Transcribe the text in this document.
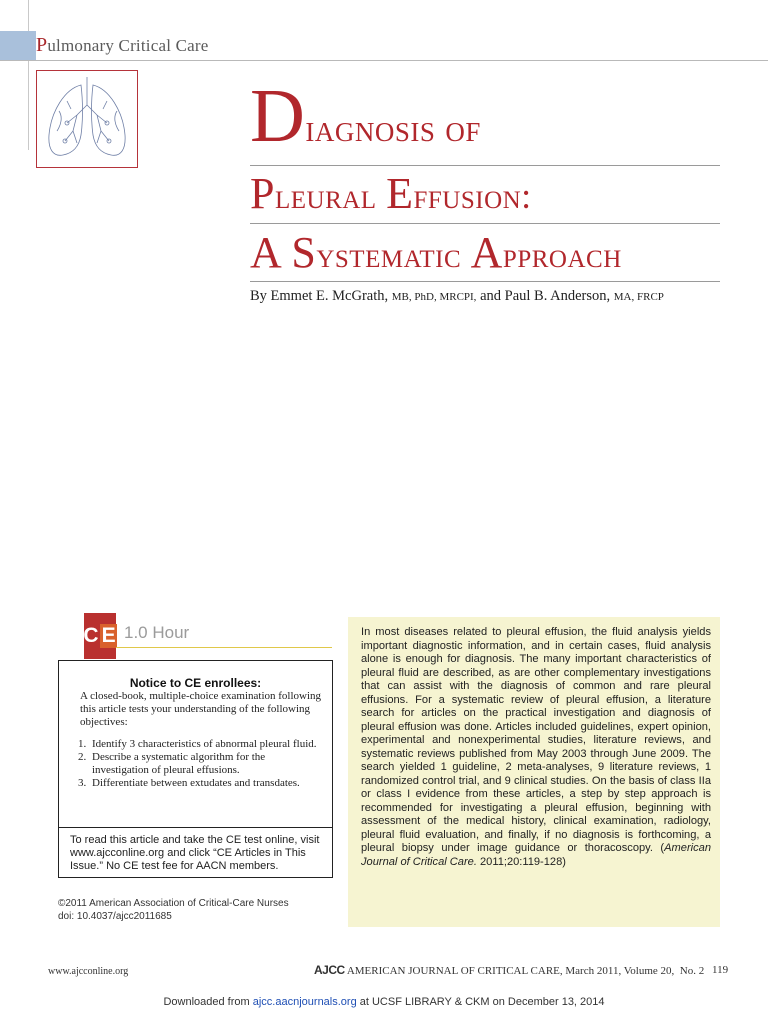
Pulmonary Critical Care
Diagnosis of
Pleural Effusion:
A Systematic Approach
By Emmet E. McGrath, MB, PhD, MRCPI, and Paul B. Anderson, MA, FRCP
C E 1.0 Hour
Notice to CE enrollees:
A closed-book, multiple-choice examination following this article tests your understanding of the following objectives:
1. Identify 3 characteristics of abnormal pleural fluid.
2. Describe a systematic algorithm for the investigation of pleural effusions.
3. Differentiate between extudates and transdates.
To read this article and take the CE test online, visit www.ajcconline.org and click “CE Articles in This Issue.” No CE test fee for AACN members.
©2011 American Association of Critical-Care Nurses
doi: 10.4037/ajcc2011685
In most diseases related to pleural effusion, the fluid analysis yields important diagnostic information, and in certain cases, fluid analysis alone is enough for diagnosis. The many important characteristics of pleural fluid are described, as are other complementary investigations that can assist with the diagnosis of common and rare pleural effusions. For a systematic review of pleural effusion, a literature search for articles on the practical investigation and diagnosis of pleural effusion was done. Articles included guidelines, expert opinion, experimental and nonexperimental studies, literature reviews, and systematic reviews published from May 2003 through June 2009. The search yielded 1 guideline, 2 meta-analyses, 9 literature reviews, 1 randomized control trial, and 9 clinical studies. On the basis of class IIa or class I evidence from these articles, a step by step approach is recommended for investigating a pleural effusion, beginning with assessment of the medical history, clinical examination, radiology, pleural fluid evaluation, and finally, if no diagnosis is forthcoming, a pleural biopsy under image guidance or thoracoscopy. (American Journal of Critical Care. 2011;20:119-128)
www.ajcconline.org	AJCC AMERICAN JOURNAL OF CRITICAL CARE, March 2011, Volume 20,  No. 2 119
Downloaded from ajcc.aacnjournals.org at UCSF LIBRARY & CKM on December 13, 2014
